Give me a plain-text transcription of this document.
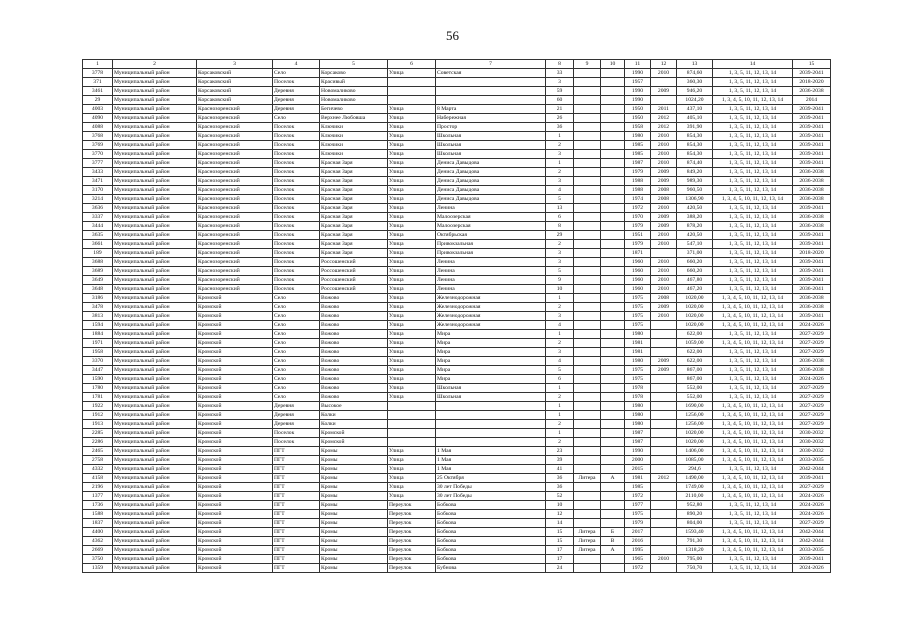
56
1	2	3	4	5	6	7	8	9	10	11	12	13	14	15
3778	Муниципальный район	Корсаковский	Село	Корсаково	Улица	Советская	33			1990	2010	874,60	1, 3, 5, 11, 12, 13, 14	2039-2041
371	Муниципальный район	Корсаковский	Поселок	Красивый			3			1957		360,30	1, 3, 5, 11, 12, 13, 14	2018-2020
3461	Муниципальный район	Корсаковский	Деревня	Новомаликово			59			1990	2009	946,20	1, 3, 5, 11, 12, 13, 14	2036-2038
29	Муниципальный район	Корсаковский	Деревня	Новомаликово			60			1990		1024,20	1, 3, 4, 5, 10, 11, 12, 13, 14	2014
4003	Муниципальный район	Краснозоренский	Деревня	Бегичево	Улица	8 Марта	21			1950	2011	437,10	1, 3, 5, 11, 12, 13, 14	2039-2041
4090	Муниципальный район	Краснозоренский	Село	Верхнее Любовша	Улица	Набережная	26			1950	2012	405,10	1, 3, 5, 11, 12, 13, 14	2039-2041
4088	Муниципальный район	Краснозоренский	Поселок	Ключики	Улица	Простор	36			1958	2012	391,90	1, 3, 5, 11, 12, 13, 14	2039-2041
3768	Муниципальный район	Краснозоренский	Поселок	Ключики	Улица	Школьная	1			1980	2010	854,30	1, 3, 5, 11, 12, 13, 14	2039-2041
3769	Муниципальный район	Краснозоренский	Поселок	Ключики	Улица	Школьная	2			1985	2010	854,30	1, 3, 5, 11, 12, 13, 14	2039-2041
3770	Муниципальный район	Краснозоренский	Поселок	Ключики	Улица	Школьная	3			1985	2010	854,30	1, 3, 5, 11, 12, 13, 14	2039-2041
3777	Муниципальный район	Краснозоренский	Поселок	Красная Заря	Улица	Дениса Давыдова	1			1987	2010	874,40	1, 3, 5, 11, 12, 13, 14	2039-2041
3433	Муниципальный район	Краснозоренский	Поселок	Красная Заря	Улица	Дениса Давыдова	2			1979	2009	849,20	1, 3, 5, 11, 12, 13, 14	2036-2038
3471	Муниципальный район	Краснозоренский	Поселок	Красная Заря	Улица	Дениса Давыдова	3			1988	2009	989,30	1, 3, 5, 11, 12, 13, 14	2036-2038
3170	Муниципальный район	Краснозоренский	Поселок	Красная Заря	Улица	Дениса Давыдова	4			1988	2008	960,50	1, 3, 5, 11, 12, 13, 14	2036-2038
3214	Муниципальный район	Краснозоренский	Поселок	Красная Заря	Улица	Дениса Давыдова	5			1974	2008	1306,90	1, 3, 4, 5, 10, 11, 12, 13, 14	2036-2038
3636	Муниципальный район	Краснозоренский	Поселок	Красная Заря	Улица	Ленина	13			1972	2010	420,50	1, 3, 5, 11, 12, 13, 14	2039-2041
3337	Муниципальный район	Краснозоренский	Поселок	Красная Заря	Улица	Малоозерская	6			1970	2009	388,20	1, 3, 5, 11, 12, 13, 14	2036-2038
3444	Муниципальный район	Краснозоренский	Поселок	Красная Заря	Улица	Малоозерская	8			1979	2009	878,20	1, 3, 5, 11, 12, 13, 14	2036-2038
3635	Муниципальный район	Краснозоренский	Поселок	Красная Заря	Улица	Октябрьская	29			1951	2010	420,50	1, 3, 5, 11, 12, 13, 14	2039-2041
3661	Муниципальный район	Краснозоренский	Поселок	Красная Заря	Улица	Привокзальная	2			1979	2010	547,10	1, 3, 5, 11, 12, 13, 14	2039-2041
189	Муниципальный район	Краснозоренский	Поселок	Красная Заря	Улица	Привокзальная	3			1871		371,00	1, 3, 5, 11, 12, 13, 14	2018-2020
3688	Муниципальный район	Краснозоренский	Поселок	Россошенский	Улица	Ленина	3			1960	2010	660,20	1, 3, 5, 11, 12, 13, 14	2039-2041
3689	Муниципальный район	Краснозоренский	Поселок	Россошенский	Улица	Ленина	5			1960	2010	660,20	1, 3, 5, 11, 12, 13, 14	2039-2041
3649	Муниципальный район	Краснозоренский	Поселок	Россошенский	Улица	Ленина	9			1960	2010	467,80	1, 3, 5, 11, 12, 13, 14	2039-2041
3648	Муниципальный район	Краснозоренский	Поселок	Россошенский	Улица	Ленина	10			1960	2010	467,20	1, 3, 5, 11, 12, 13, 14	2036-2041
3186	Муниципальный район	Кромской	Село	Вожово	Улица	Железнодорожная	1			1975	2008	1020,00	1, 3, 4, 5, 10, 11, 12, 13, 14	2036-2038
3478	Муниципальный район	Кромской	Село	Вожово	Улица	Железнодорожная	2			1975	2009	1020,00	1, 3, 4, 5, 10, 11, 12, 13, 14	2036-2038
3813	Муниципальный район	Кромской	Село	Вожово	Улица	Железнодорожная	3			1975	2010	1020,00	1, 3, 4, 5, 10, 11, 12, 13, 14	2039-2041
1594	Муниципальный район	Кромской	Село	Вожово	Улица	Железнодорожная	4			1975		1020,00	1, 3, 4, 5, 10, 11, 12, 13, 14	2024-2026
1884	Муниципальный район	Кромской	Село	Вожово	Улица	Мира	1			1980		622,00	1, 3, 5, 11, 12, 13, 14	2027-2029
1971	Муниципальный район	Кромской	Село	Вожово	Улица	Мира	2			1981		1059,00	1, 3, 4, 5, 10, 11, 12, 13, 14	2027-2029
1958	Муниципальный район	Кромской	Село	Вожово	Улица	Мира	3			1981		622,00	1, 3, 5, 11, 12, 13, 14	2027-2029
3370	Муниципальный район	Кромской	Село	Вожово	Улица	Мира	4			1980	2009	622,00	1, 3, 5, 11, 12, 13, 14	2036-2038
3447	Муниципальный район	Кромской	Село	Вожово	Улица	Мира	5			1975	2009	867,00	1, 3, 5, 11, 12, 13, 14	2036-2038
1590	Муниципальный район	Кромской	Село	Вожово	Улица	Мира	6			1975		867,00	1, 3, 5, 11, 12, 13, 14	2024-2026
1780	Муниципальный район	Кромской	Село	Вожово	Улица	Школьная	1			1978		552,00	1, 3, 5, 11, 12, 13, 14	2027-2029
1781	Муниципальный район	Кромской	Село	Вожово	Улица	Школьная	2			1978		552,00	1, 3, 5, 11, 12, 13, 14	2027-2029
1922	Муниципальный район	Кромской	Деревня	Высокое			1			1980		1690,00	1, 3, 4, 5, 10, 11, 12, 13, 14	2027-2029
1912	Муниципальный район	Кромской	Деревня	Колки			1			1980		1256,00	1, 3, 4, 5, 10, 11, 12, 13, 14	2027-2029
1913	Муниципальный район	Кромской	Деревня	Колки			2			1980		1256,00	1, 3, 4, 5, 10, 11, 12, 13, 14	2027-2029
2285	Муниципальный район	Кромской	Поселок	Кромской			1			1987		1020,00	1, 3, 4, 5, 10, 11, 12, 13, 14	2030-2032
2286	Муниципальный район	Кромской	Поселок	Кромской			2			1987		1020,00	1, 3, 4, 5, 10, 11, 12, 13, 14	2030-2032
2465	Муниципальный район	Кромской	ПГТ	Кромы	Улица	1 Мая	23			1990		1406,00	1, 3, 4, 5, 10, 11, 12, 13, 14	2030-2032
2758	Муниципальный район	Кромской	ПГТ	Кромы	Улица	1 Мая	39			2000		1085,00	1, 3, 4, 5, 10, 11, 12, 13, 14	2033-2035
4332	Муниципальный район	Кромской	ПГТ	Кромы	Улица	1 Мая	41			2015		294,6	1, 3, 5, 11, 12, 13, 14	2042-2044
4158	Муниципальный район	Кромской	ПГТ	Кромы	Улица	25 Октября	36	Литера	А	1981	2012	1490,00	1, 3, 4, 5, 10, 11, 12, 13, 14	2039-2041
2196	Муниципальный район	Кромской	ПГТ	Кромы	Улица	30 лет Победы	36			1985		1749,00	1, 3, 4, 5, 10, 11, 12, 13, 14	2027-2029
1377	Муниципальный район	Кромской	ПГТ	Кромы	Улица	30 лет Победы	52			1972		2110,00	1, 3, 4, 5, 10, 11, 12, 13, 14	2024-2026
1736	Муниципальный район	Кромской	ПГТ	Кромы	Переулок	Бобкова	10			1977		952,80	1, 3, 5, 11, 12, 13, 14	2024-2026
1588	Муниципальный район	Кромской	ПГТ	Кромы	Переулок	Бобкова	12			1975		890,20	1, 3, 5, 11, 12, 13, 14	2024-2026
1837	Муниципальный район	Кромской	ПГТ	Кромы	Переулок	Бобкова	14			1979		804,00	1, 3, 5, 11, 12, 13, 14	2027-2029
4400	Муниципальный район	Кромской	ПГТ	Кромы	Переулок	Бобкова	15	Литера	Б	2017		1593,40	1, 3, 4, 5, 10, 11, 12, 13, 14	2042-2044
4362	Муниципальный район	Кромской	ПГТ	Кромы	Переулок	Бобкова	15	Литера	В	2016		791,30	1, 3, 4, 5, 10, 11, 12, 13, 14	2042-2044
2669	Муниципальный район	Кромской	ПГТ	Кромы	Переулок	Бобкова	17	Литера	А	1995		1318,20	1, 3, 4, 5, 10, 11, 12, 13, 14	2033-2035
3750	Муниципальный район	Кромской	ПГТ	Кромы	Переулок	Бобкова	17			1965	2010	795,00	1, 3, 5, 11, 12, 13, 14	2039-2041
1359	Муниципальный район	Кромской	ПГТ	Кромы	Переулок	Бубнова	24			1972		750,70	1, 3, 5, 11, 12, 13, 14	2024-2026
